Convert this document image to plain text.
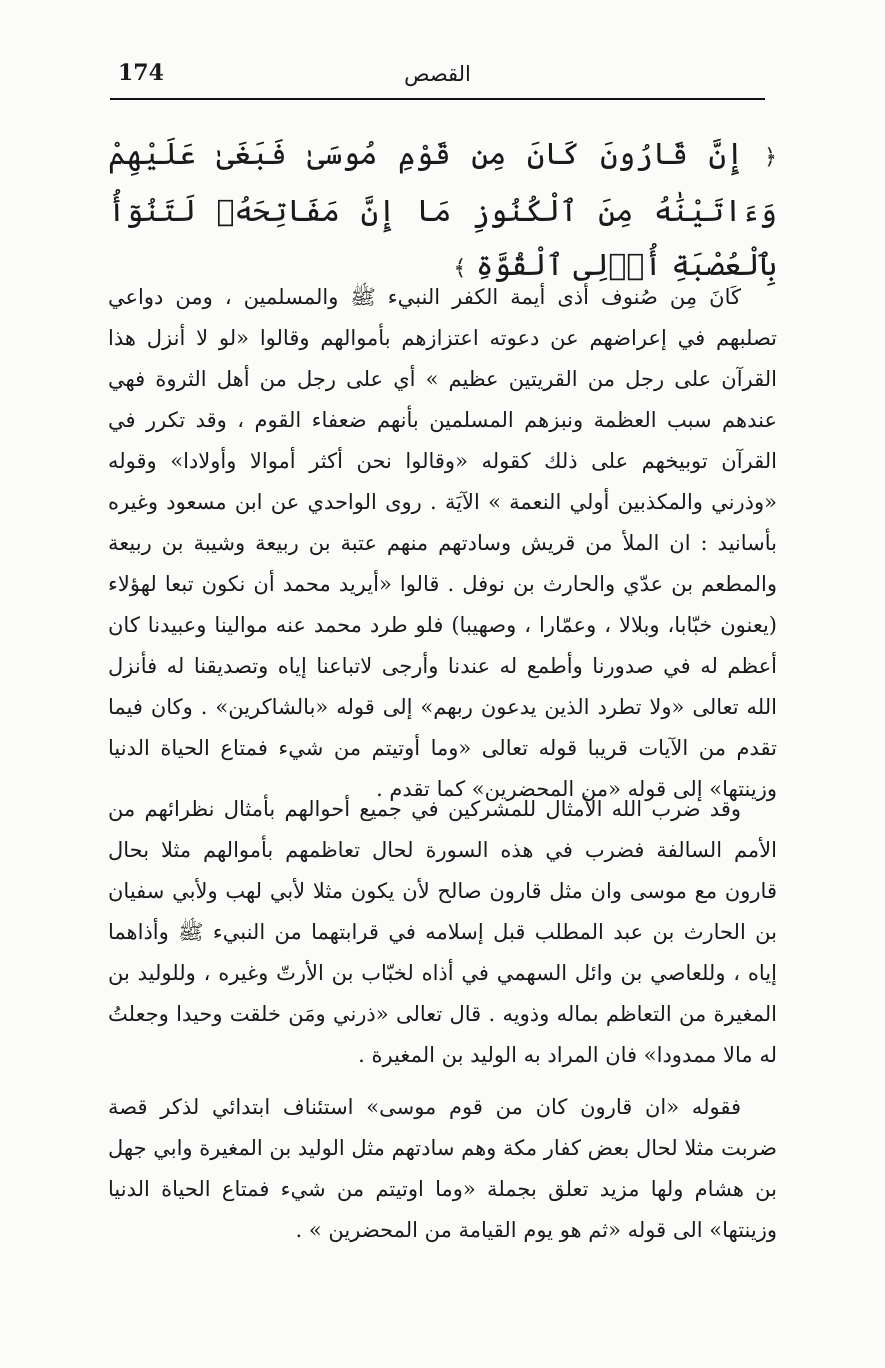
174	القصص
﴿ إِنَّ قَارُونَ كَانَ مِن قَوْمِ مُوسَىٰ فَبَغَىٰ عَلَيْهِمْ وَءَاتَيْنَٰهُ مِنَ ٱلْكُنُوزِ مَا إِنَّ مَفَاتِحَهُۥ لَتَنُوٓأُ بِٱلْعُصْبَةِ أُو۟لِى ٱلْقُوَّةِ ﴾

كَانَ مِن صُنوف أذى أيمة الكفر النبيء ﷺ والمسلمين ، ومن دواعي تصلبهم في إعراضهم عن دعوته اعتزازهم بأموالهم وقالوا «لو لا أنزل هذا القرآن على رجل من القريتين عظيم » أي على رجل من أهل الثروة فهي عندهم سبب العظمة ونبزهم المسلمين بأنهم ضعفاء القوم ، وقد تكرر في القرآن توبيخهم على ذلك كقوله «وقالوا نحن أكثر أموالا وأولادا» وقوله «وذرني والمكذبين أولي النعمة » الآيَة . روى الواحدي عن ابن مسعود وغيره بأسانيد : ان الملأ من قريش وسادتهم منهم عتبة بن ربيعة وشيبة بن ربيعة والمطعم بن عدّي والحارث بن نوفل . قالوا «أيريد محمد أن نكون تبعا لهؤلاء (يعنون خبّابا، وبلالا ، وعمّارا ، وصهيبا) فلو طرد محمد عنه موالينا وعبيدنا كان أعظم له في صدورنا وأطمع له عندنا وأرجى لاتباعنا إياه وتصديقنا له فأنزل الله تعالى «ولا تطرد الذين يدعون ربهم» إلى قوله «بالشاكرين» . وكان فيما تقدم من الآيات قريبا قوله تعالى «وما أوتيتم من شيء فمتاع الحياة الدنيا وزينتها» إلى قوله «من المحضرين» كما تقدم .

وقد ضرب الله الأمثال للمشركين في جميع أحوالهم بأمثال نظرائهم من الأمم السالفة فضرب في هذه السورة لحال تعاظمهم بأموالهم مثلا بحال قارون مع موسى وان مثل قارون صالح لأن يكون مثلا لأبي لهب ولأبي سفيان بن الحارث بن عبد المطلب قبل إسلامه في قرابتهما من النبيء ﷺ وأذاهما إياه ، وللعاصي بن وائل السهمي في أذاه لخبّاب بن الأرتّ وغيره ، وللوليد بن المغيرة من التعاظم بماله وذويه . قال تعالى «ذرني ومَن خلقت وحيدا وجعلتُ له مالا ممدودا» فان المراد به الوليد بن المغيرة .

فقوله «ان قارون كان من قوم موسى» استئناف ابتدائي لذكر قصة ضربت مثلا لحال بعض كفار مكة وهم سادتهم مثل الوليد بن المغيرة وابي جهل بن هشام ولها مزيد تعلق بجملة «وما اوتيتم من شيء فمتاع الحياة الدنيا وزينتها» الى قوله «ثم هو يوم القيامة من المحضرين » .
